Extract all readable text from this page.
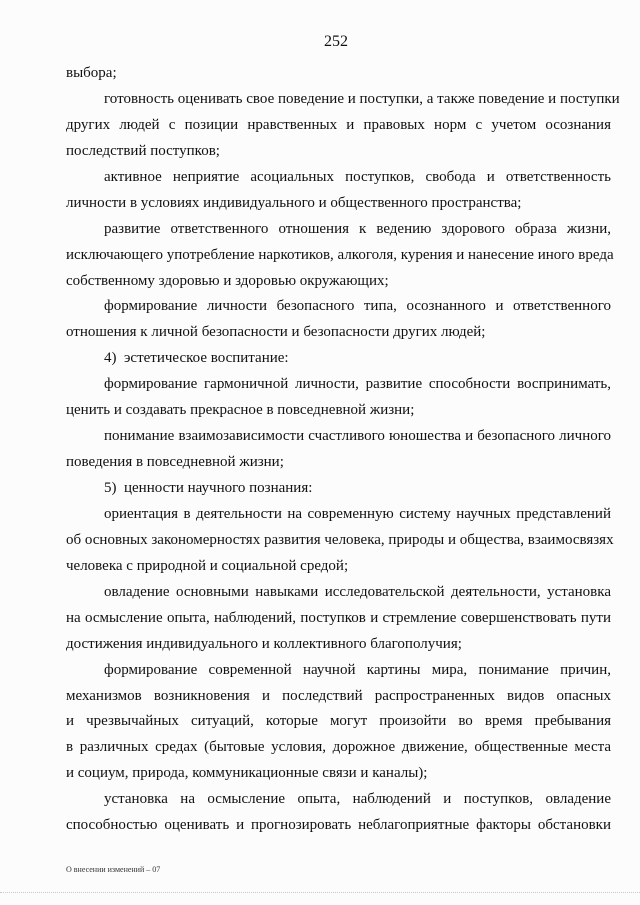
252
выбора;
готовность оценивать свое поведение и поступки, а также поведение и поступки
других людей с позиции нравственных и правовых норм с учетом осознания
последствий поступков;
активное неприятие асоциальных поступков, свобода и ответственность
личности в условиях индивидуального и общественного пространства;
развитие ответственного отношения к ведению здорового образа жизни,
исключающего употребление наркотиков, алкоголя, курения и нанесение иного вреда
собственному здоровью и здоровью окружающих;
формирование личности безопасного типа, осознанного и ответственного
отношения к личной безопасности и безопасности других людей;
4)  эстетическое воспитание:
формирование гармоничной личности, развитие способности воспринимать,
ценить и создавать прекрасное в повседневной жизни;
понимание взаимозависимости счастливого юношества и безопасного личного
поведения в повседневной жизни;
5)  ценности научного познания:
ориентация в деятельности на современную систему научных представлений
об основных закономерностях развития человека, природы и общества, взаимосвязях
человека с природной и социальной средой;
овладение основными навыками исследовательской деятельности, установка
на осмысление опыта, наблюдений, поступков и стремление совершенствовать пути
достижения индивидуального и коллективного благополучия;
формирование современной научной картины мира, понимание причин,
механизмов возникновения и последствий распространенных видов опасных
и чрезвычайных ситуаций, которые могут произойти во время пребывания
в различных средах (бытовые условия, дорожное движение, общественные места
и социум, природа, коммуникационные связи и каналы);
установка на осмысление опыта, наблюдений и поступков, овладение
способностью оценивать и прогнозировать неблагоприятные факторы обстановки
О внесении изменений – 07
